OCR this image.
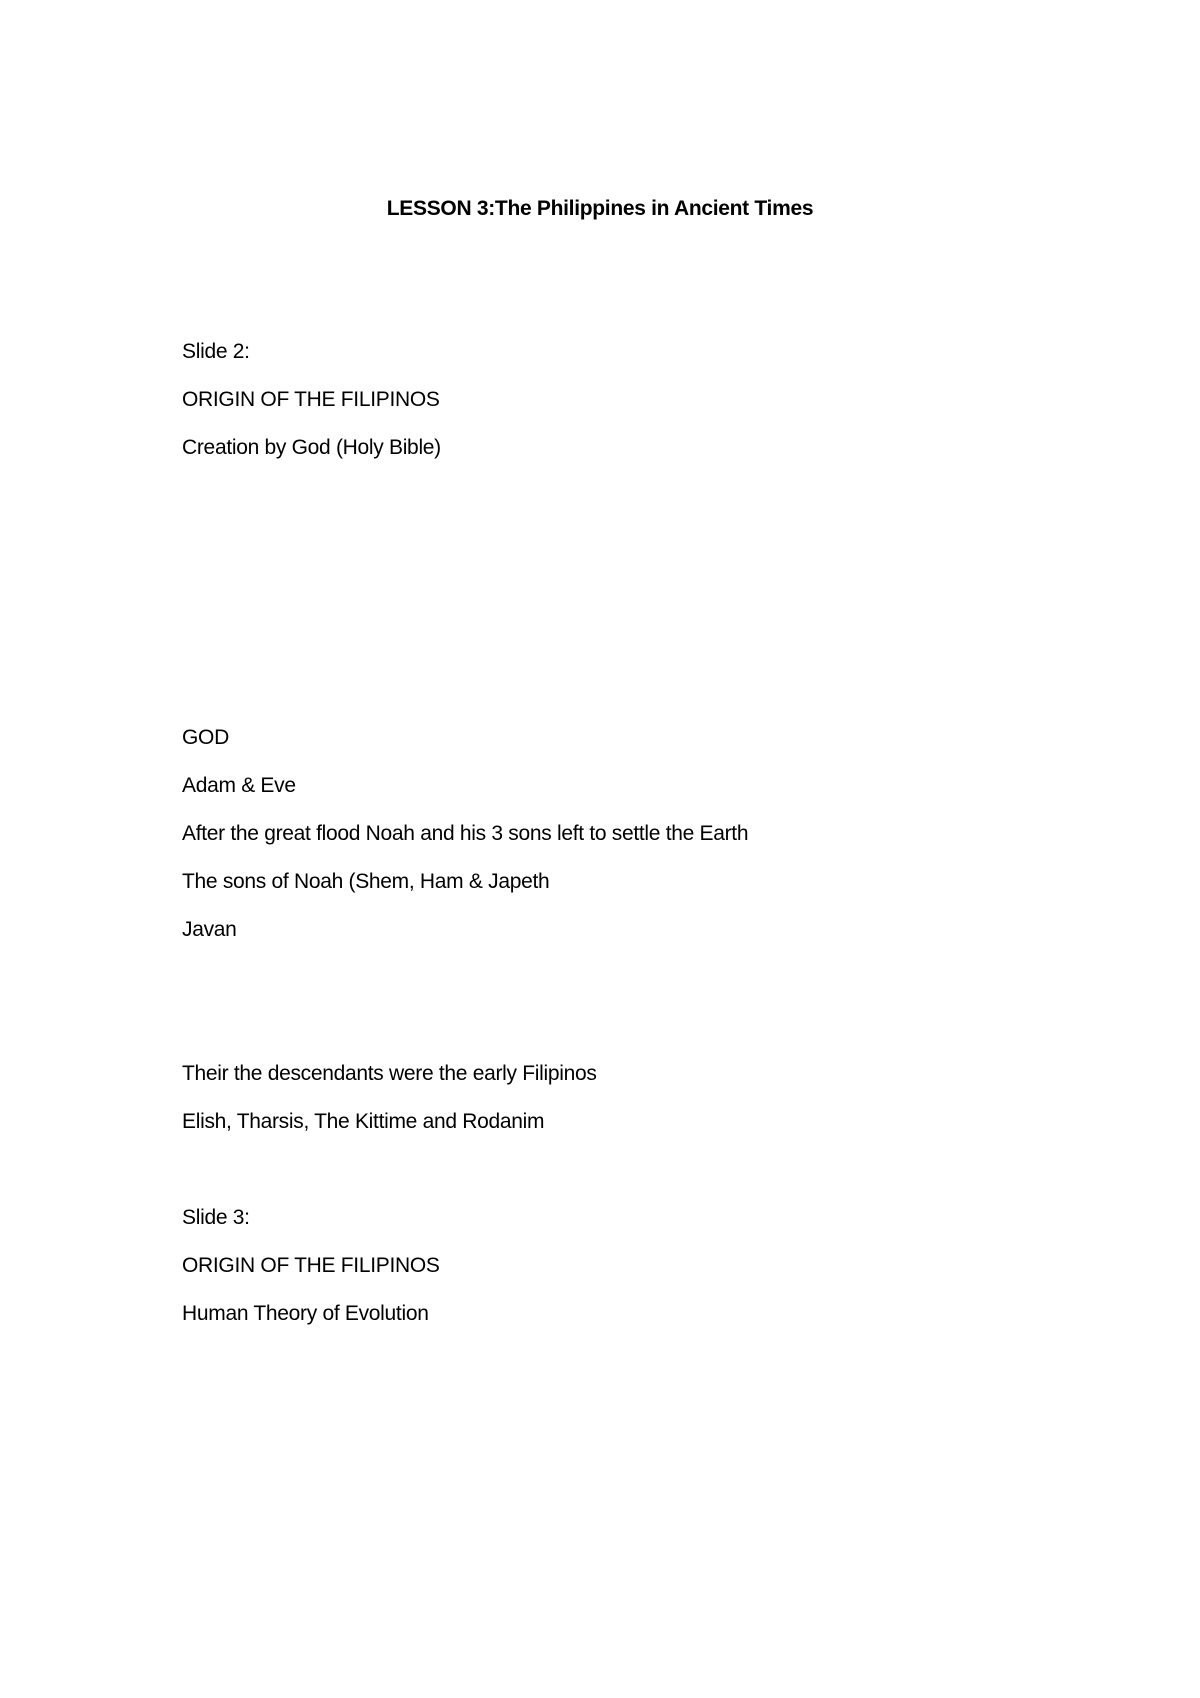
LESSON 3:The Philippines in Ancient Times
Slide 2:
ORIGIN OF THE FILIPINOS
Creation by God (Holy Bible)
GOD
Adam & Eve
After the great flood Noah and his 3 sons left to settle the Earth
The sons of Noah (Shem, Ham & Japeth
Javan
Their the descendants were the early Filipinos
Elish, Tharsis, The Kittime and Rodanim
Slide 3:
ORIGIN OF THE FILIPINOS
Human Theory of Evolution
